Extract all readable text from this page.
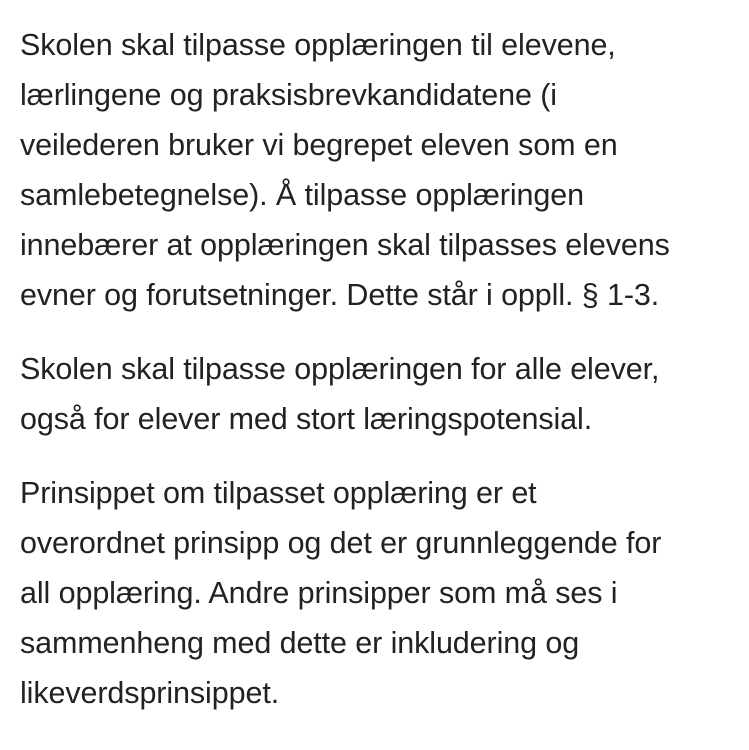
Skolen skal tilpasse opplæringen til elevene,
lærlingene og praksisbrevkandidatene (i
veilederen bruker vi begrepet eleven som en
samlebetegnelse). Å tilpasse opplæringen
innebærer at opplæringen skal tilpasses elevens
evner og forutsetninger. Dette står i oppll. § 1-3.

Skolen skal tilpasse opplæringen for alle elever,
også for elever med stort læringspotensial.

Prinsippet om tilpasset opplæring er et
overordnet prinsipp og det er grunnleggende for
all opplæring. Andre prinsipper som må ses i
sammenheng med dette er inkludering og
likeverdsprinsippet.
